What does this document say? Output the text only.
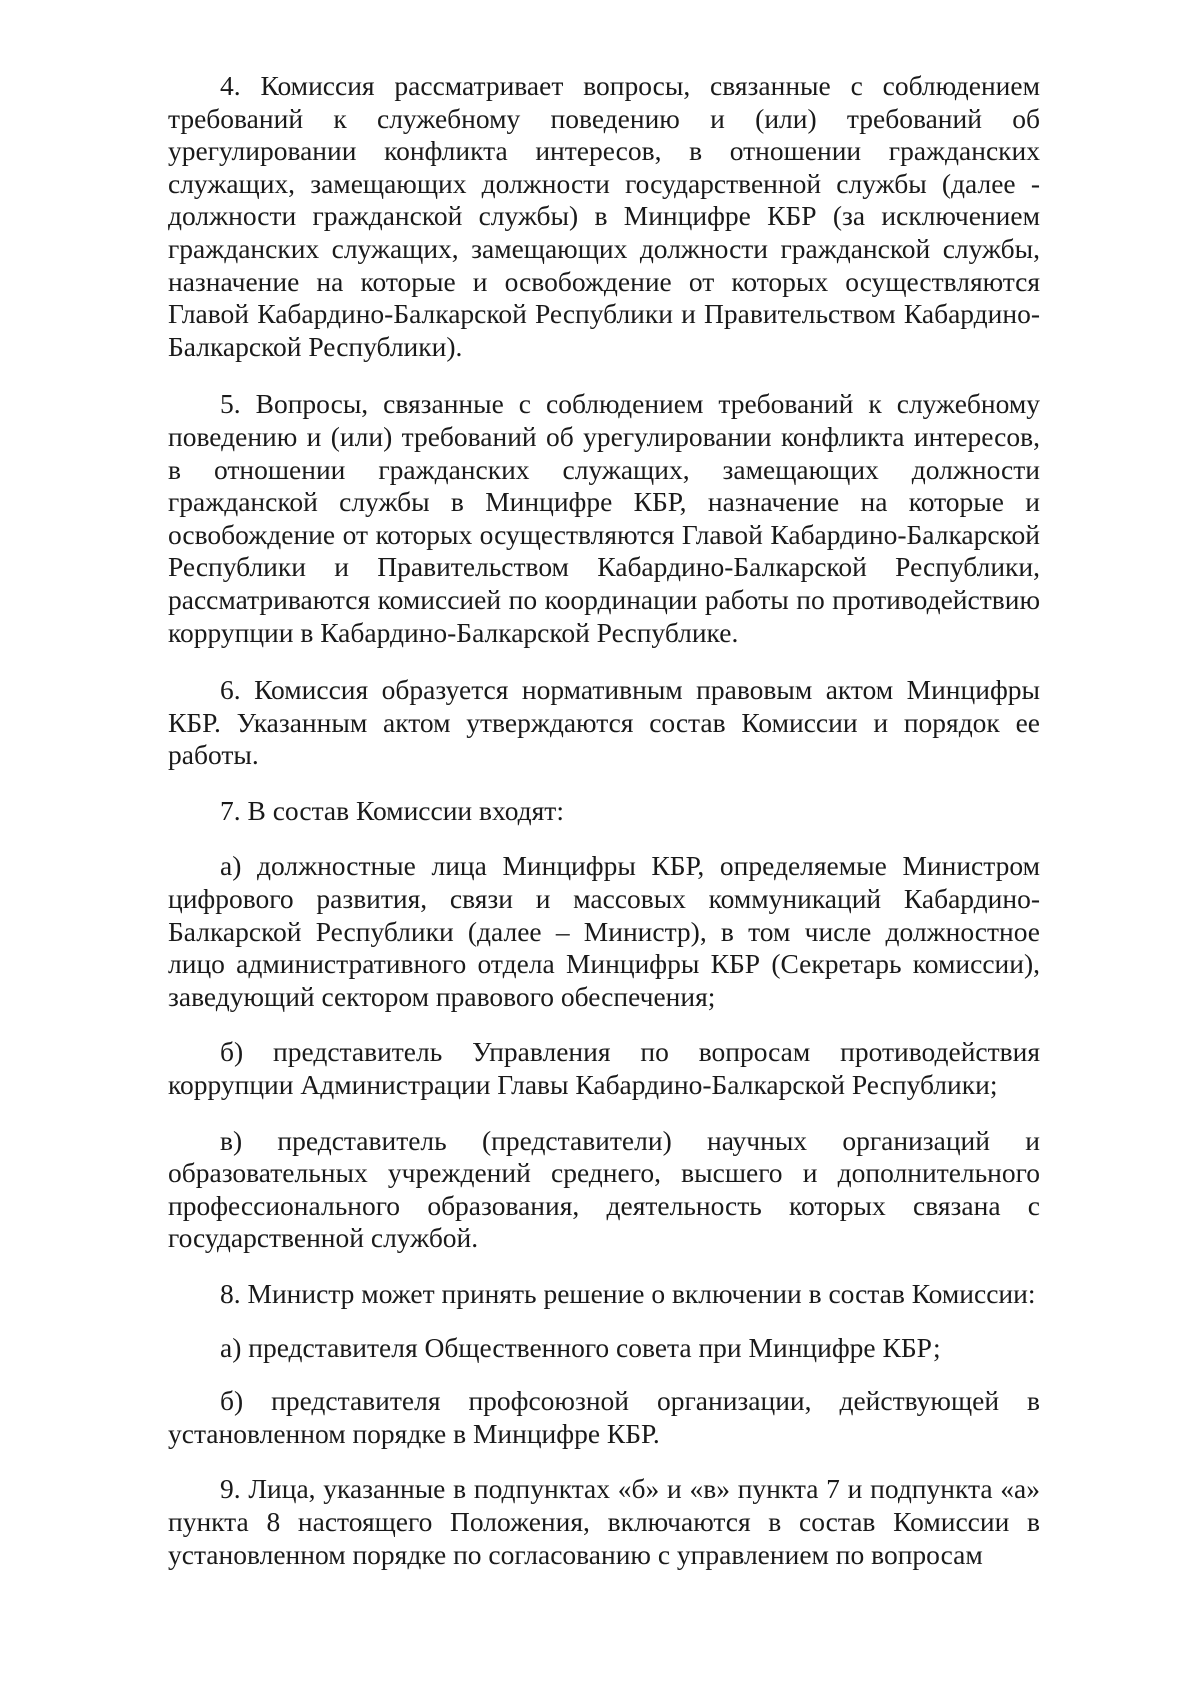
4. Комиссия рассматривает вопросы, связанные с соблюдением требований к служебному поведению и (или) требований об урегулировании конфликта интересов, в отношении гражданских служащих, замещающих должности государственной службы (далее - должности гражданской службы) в Минцифре КБР (за исключением гражданских служащих, замещающих должности гражданской службы, назначение на которые и освобождение от которых осуществляются Главой Кабардино-Балкарской Республики и Правительством Кабардино-Балкарской Республики).

5. Вопросы, связанные с соблюдением требований к служебному поведению и (или) требований об урегулировании конфликта интересов, в отношении гражданских служащих, замещающих должности гражданской службы в Минцифре КБР, назначение на которые и освобождение от которых осуществляются Главой Кабардино-Балкарской Республики и Правительством Кабардино-Балкарской Республики, рассматриваются комиссией по координации работы по противодействию коррупции в Кабардино-Балкарской Республике.

6. Комиссия образуется нормативным правовым актом Минцифры КБР. Указанным актом утверждаются состав Комиссии и порядок ее работы.

7. В состав Комиссии входят:

а) должностные лица Минцифры КБР, определяемые Министром цифрового развития, связи и массовых коммуникаций Кабардино-Балкарской Республики (далее – Министр), в том числе должностное лицо административного отдела Минцифры КБР (Секретарь комиссии), заведующий сектором правового обеспечения;

б) представитель Управления по вопросам противодействия коррупции Администрации Главы Кабардино-Балкарской Республики;

в) представитель (представители) научных организаций и образовательных учреждений среднего, высшего и дополнительного профессионального образования, деятельность которых связана с государственной службой.

8. Министр может принять решение о включении в состав Комиссии:

а) представителя Общественного совета при Минцифре КБР;

б) представителя профсоюзной организации, действующей в установленном порядке в Минцифре КБР.

9. Лица, указанные в подпунктах «б» и «в» пункта 7 и подпункта «а» пункта 8 настоящего Положения, включаются в состав Комиссии в установленном порядке по согласованию с управлением по вопросам
